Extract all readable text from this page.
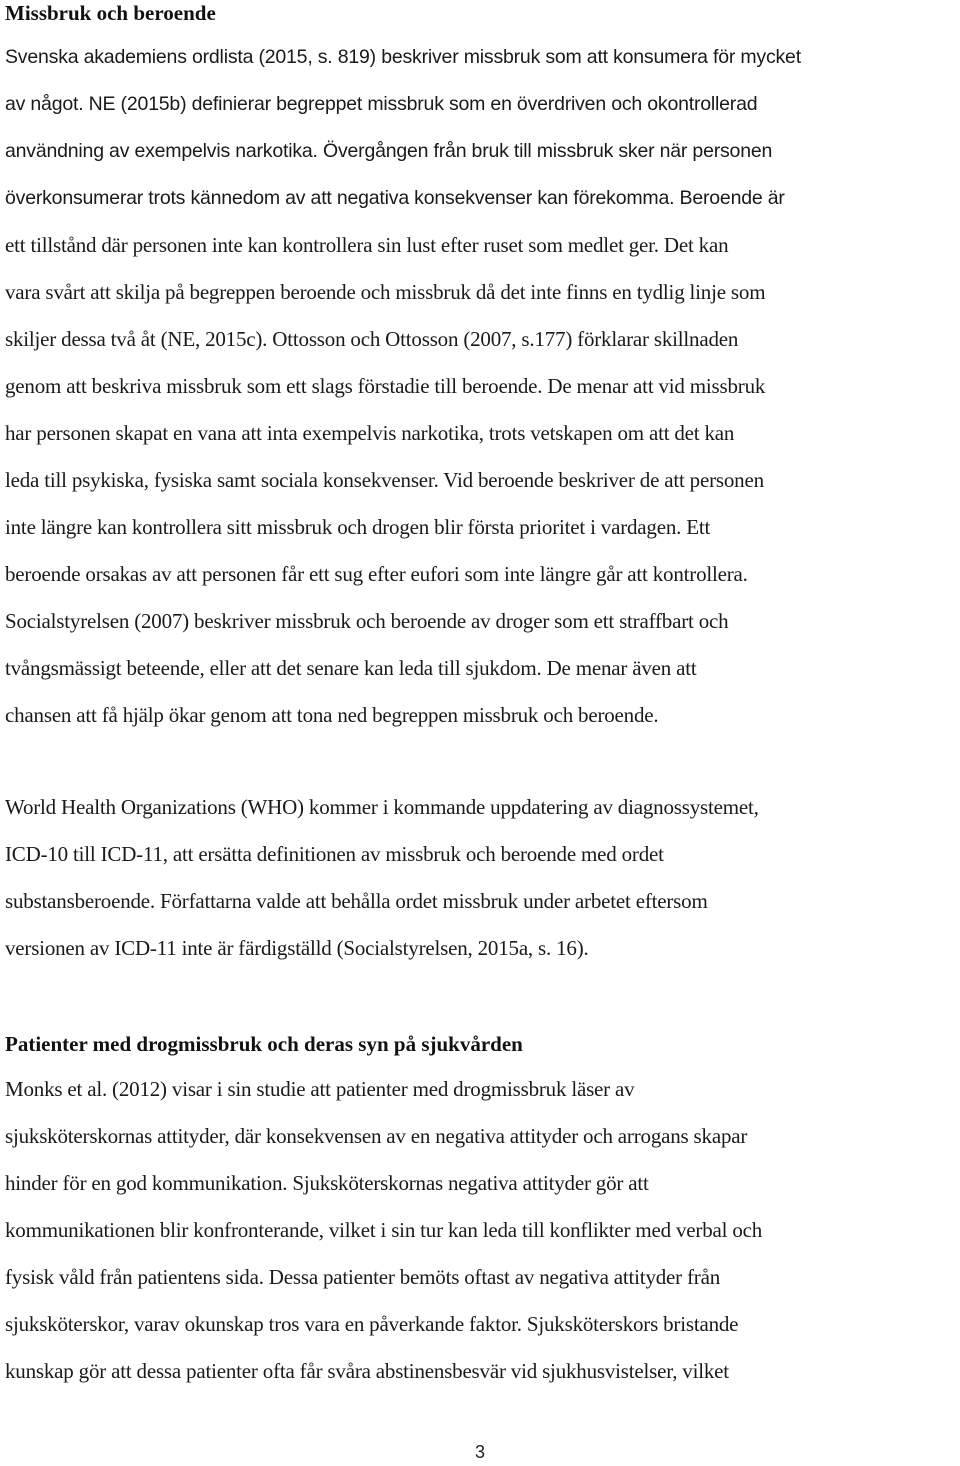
Missbruk och beroende

Svenska akademiens ordlista (2015, s. 819) beskriver missbruk som att konsumera för mycket
av något. NE (2015b) definierar begreppet missbruk som en överdriven och okontrollerad
användning av exempelvis narkotika. Övergången från bruk till missbruk sker när personen
överkonsumerar trots kännedom av att negativa konsekvenser kan förekomma. Beroende är
ett tillstånd där personen inte kan kontrollera sin lust efter ruset som medlet ger. Det kan
vara svårt att skilja på begreppen beroende och missbruk då det inte finns en tydlig linje som
skiljer dessa två åt (NE, 2015c). Ottosson och Ottosson (2007, s.177) förklarar skillnaden
genom att beskriva missbruk som ett slags förstadie till beroende. De menar att vid missbruk
har personen skapat en vana att inta exempelvis narkotika, trots vetskapen om att det kan
leda till psykiska, fysiska samt sociala konsekvenser. Vid beroende beskriver de att personen
inte längre kan kontrollera sitt missbruk och drogen blir första prioritet i vardagen. Ett
beroende orsakas av att personen får ett sug efter eufori som inte längre går att kontrollera.
Socialstyrelsen (2007) beskriver missbruk och beroende av droger som ett straffbart och
tvångsmässigt beteende, eller att det senare kan leda till sjukdom. De menar även att
chansen att få hjälp ökar genom att tona ned begreppen missbruk och beroende.

World Health Organizations (WHO) kommer i kommande uppdatering av diagnossystemet,
ICD-10 till ICD-11, att ersätta definitionen av missbruk och beroende med ordet
substansberoende. Författarna valde att behålla ordet missbruk under arbetet eftersom
versionen av ICD-11 inte är färdigställd (Socialstyrelsen, 2015a, s. 16).

Patienter med drogmissbruk och deras syn på sjukvården

Monks et al. (2012) visar i sin studie att patienter med drogmissbruk läser av
sjuksköterskornas attityder, där konsekvensen av en negativa attityder och arrogans skapar
hinder för en god kommunikation. Sjuksköterskornas negativa attityder gör att
kommunikationen blir konfronterande, vilket i sin tur kan leda till konflikter med verbal och
fysisk våld från patientens sida. Dessa patienter bemöts oftast av negativa attityder från
sjuksköterskor, varav okunskap tros vara en påverkande faktor. Sjuksköterskors bristande
kunskap gör att dessa patienter ofta får svåra abstinensbesvär vid sjukhusvistelser, vilket

3
